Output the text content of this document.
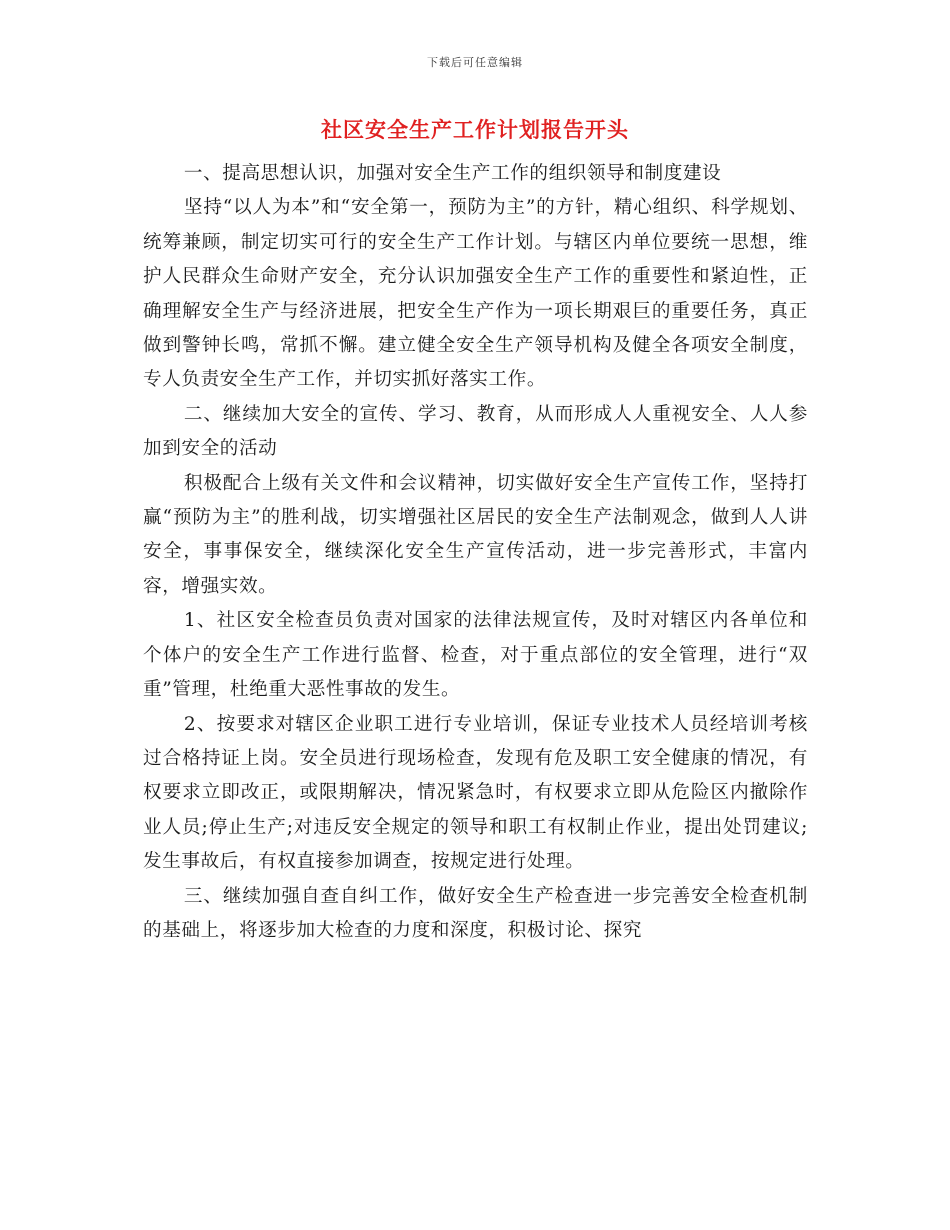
下载后可任意编辑
社区安全生产工作计划报告开头

一、提高思想认识，加强对安全生产工作的组织领导和制度建设

坚持“以人为本”和“安全第一，预防为主”的方针，精心组织、科学规划、统筹兼顾，制定切实可行的安全生产工作计划。与辖区内单位要统一思想，维护人民群众生命财产安全，充分认识加强安全生产工作的重要性和紧迫性，正确理解安全生产与经济进展，把安全生产作为一项长期艰巨的重要任务，真正做到警钟长鸣，常抓不懈。建立健全安全生产领导机构及健全各项安全制度，专人负责安全生产工作，并切实抓好落实工作。

二、继续加大安全的宣传、学习、教育，从而形成人人重视安全、人人参加到安全的活动

积极配合上级有关文件和会议精神，切实做好安全生产宣传工作，坚持打赢“预防为主”的胜利战，切实增强社区居民的安全生产法制观念，做到人人讲安全，事事保安全，继续深化安全生产宣传活动，进一步完善形式，丰富内容，增强实效。

1、社区安全检查员负责对国家的法律法规宣传，及时对辖区内各单位和个体户的安全生产工作进行监督、检查，对于重点部位的安全管理，进行“双重”管理，杜绝重大恶性事故的发生。

2、按要求对辖区企业职工进行专业培训，保证专业技术人员经培训考核过合格持证上岗。安全员进行现场检查，发现有危及职工安全健康的情况，有权要求立即改正，或限期解决，情况紧急时，有权要求立即从危险区内撤除作业人员;停止生产;对违反安全规定的领导和职工有权制止作业，提出处罚建议;发生事故后，有权直接参加调查，按规定进行处理。

三、继续加强自查自纠工作，做好安全生产检查进一步完善安全检查机制的基础上，将逐步加大检查的力度和深度，积极讨论、探究
